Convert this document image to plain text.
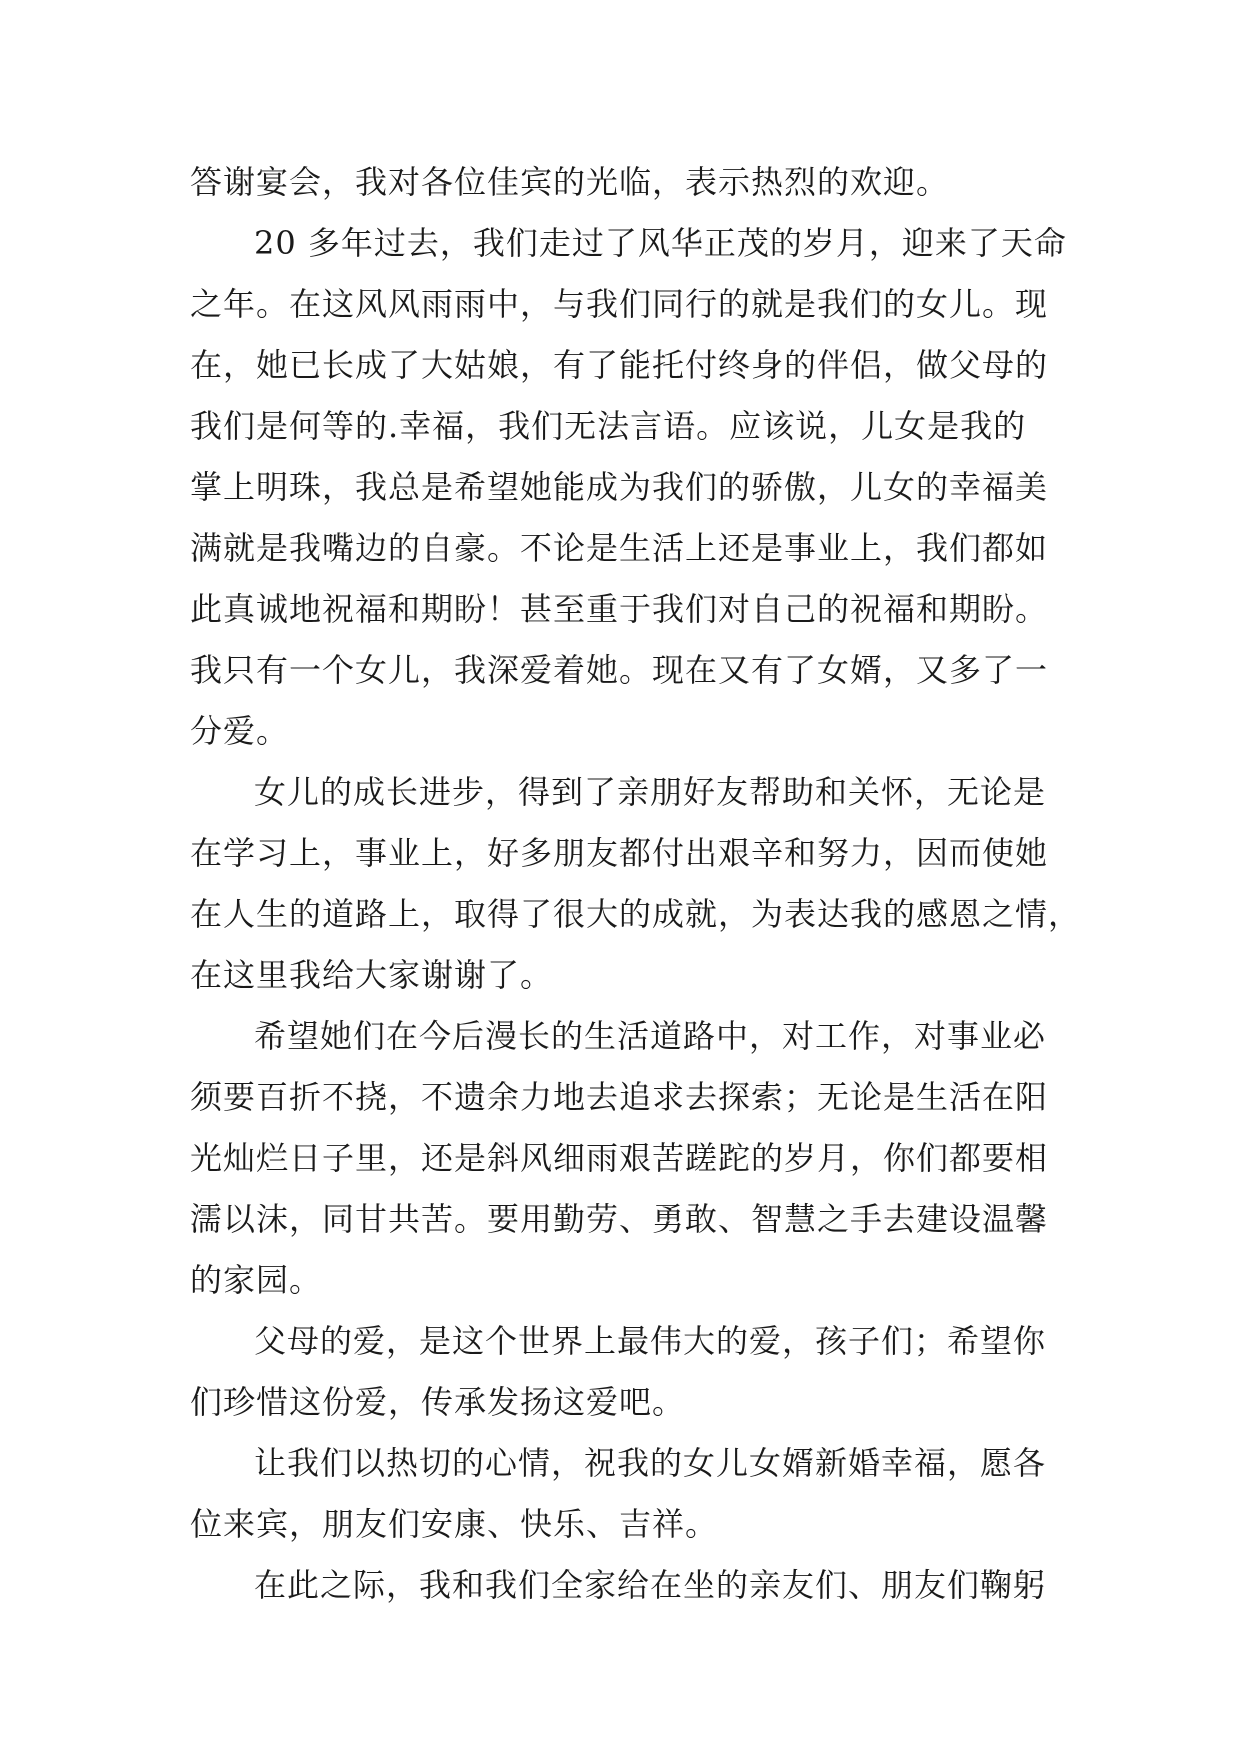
答谢宴会，我对各位佳宾的光临，表示热烈的欢迎。
20 多年过去，我们走过了风华正茂的岁月，迎来了天命
之年。在这风风雨雨中，与我们同行的就是我们的女儿。现
在，她已长成了大姑娘，有了能托付终身的伴侣，做父母的
我们是何等的.幸福，我们无法言语。应该说，儿女是我的
掌上明珠，我总是希望她能成为我们的骄傲，儿女的幸福美
满就是我嘴边的自豪。不论是生活上还是事业上，我们都如
此真诚地祝福和期盼！甚至重于我们对自己的祝福和期盼。
我只有一个女儿，我深爱着她。现在又有了女婿，又多了一
分爱。
女儿的成长进步，得到了亲朋好友帮助和关怀，无论是
在学习上，事业上，好多朋友都付出艰辛和努力，因而使她
在人生的道路上，取得了很大的成就，为表达我的感恩之情，
在这里我给大家谢谢了。
希望她们在今后漫长的生活道路中，对工作，对事业必
须要百折不挠，不遗余力地去追求去探索；无论是生活在阳
光灿烂日子里，还是斜风细雨艰苦蹉跎的岁月，你们都要相
濡以沫，同甘共苦。要用勤劳、勇敢、智慧之手去建设温馨
的家园。
父母的爱，是这个世界上最伟大的爱，孩子们；希望你
们珍惜这份爱，传承发扬这爱吧。
让我们以热切的心情，祝我的女儿女婿新婚幸福，愿各
位来宾，朋友们安康、快乐、吉祥。
在此之际，我和我们全家给在坐的亲友们、朋友们鞠躬
